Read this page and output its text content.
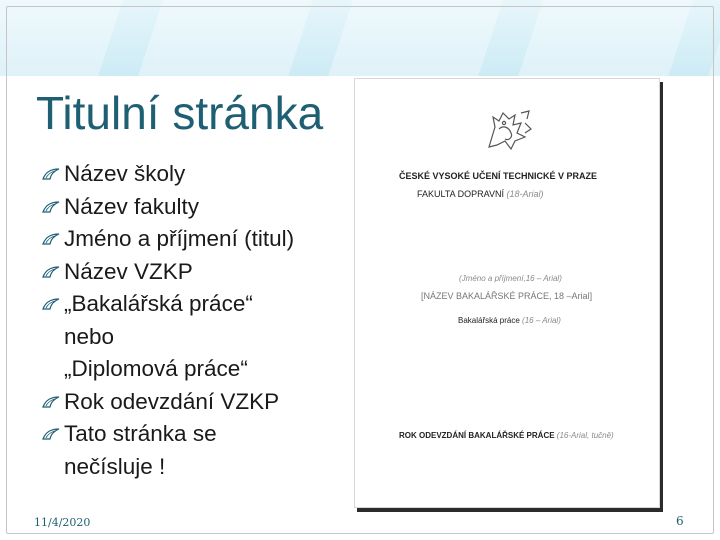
Titulní stránka
Název školy
Název fakulty
Jméno a příjmení (titul)
Název VZKP
„Bakalářská práce“
nebo
„Diplomová práce“
Rok odevzdání VZKP
Tato stránka se
nečísluje !
ČESKÉ VYSOKÉ UČENÍ TECHNICKÉ V PRAZE
FAKULTA DOPRAVNÍ (18-Arial)
(Jméno a příjmení,16 – Arial)
[NÁZEV BAKALÁŘSKÉ PRÁCE, 18 –Arial]
Bakalářská práce (16 – Arial)
ROK ODEVZDÁNÍ BAKALÁŘSKÉ PRÁCE (16-Arial, tučně)
11/4/2020	6
